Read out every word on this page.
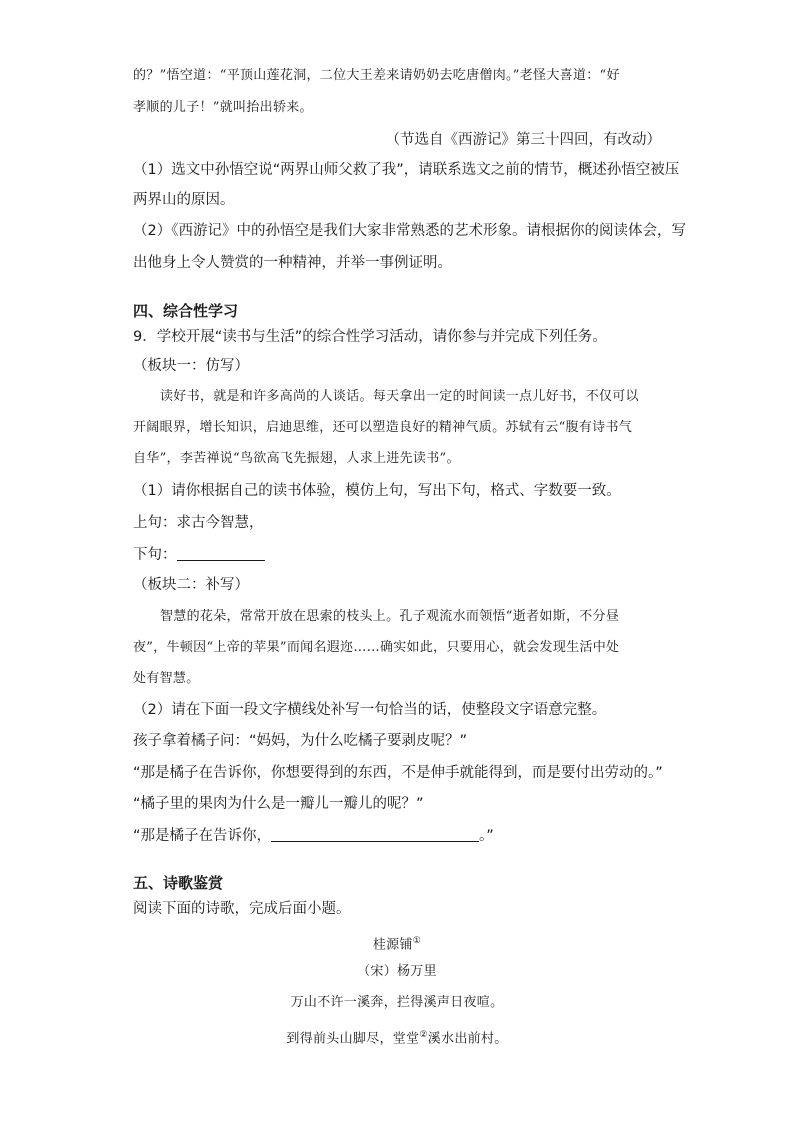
的？”悟空道：“平顶山莲花洞，二位大王差来请奶奶去吃唐僧肉。”老怪大喜道：“好
孝顺的儿子！”就叫抬出轿来。
（节选自《西游记》第三十四回，有改动）
（1）选文中孙悟空说“两界山师父救了我”，请联系选文之前的情节，概述孙悟空被压
两界山的原因。
（2）《西游记》中的孙悟空是我们大家非常熟悉的艺术形象。请根据你的阅读体会，写
出他身上令人赞赏的一种精神，并举一事例证明。
四、综合性学习
9．学校开展“读书与生活”的综合性学习活动，请你参与并完成下列任务。
（板块一：仿写）
读好书，就是和许多高尚的人谈话。每天拿出一定的时间读一点儿好书，不仅可以
开阔眼界，增长知识，启迪思维，还可以塑造良好的精神气质。苏轼有云“腹有诗书气
自华”，李苦禅说“鸟欲高飞先振翅，人求上进先读书”。
（1）请你根据自己的读书体验，模仿上句，写出下句，格式、字数要一致。
上句：求古今智慧，
下句：
（板块二：补写）
智慧的花朵，常常开放在思索的枝头上。孔子观流水而领悟“逝者如斯，不分昼
夜”，牛顿因“上帝的苹果”而闻名遐迩……确实如此，只要用心，就会发现生活中处
处有智慧。
（2）请在下面一段文字横线处补写一句恰当的话，使整段文字语意完整。
孩子拿着橘子问：“妈妈，为什么吃橘子要剥皮呢？”
“那是橘子在告诉你，你想要得到的东西，不是伸手就能得到，而是要付出劳动的。”
“橘子里的果肉为什么是一瓣儿一瓣儿的呢？”
“那是橘子在告诉你，	。”
五、诗歌鉴赏
阅读下面的诗歌，完成后面小题。
桂源铺①
（宋）杨万里
万山不许一溪奔，拦得溪声日夜喧。
到得前头山脚尽，堂堂②溪水出前村。
